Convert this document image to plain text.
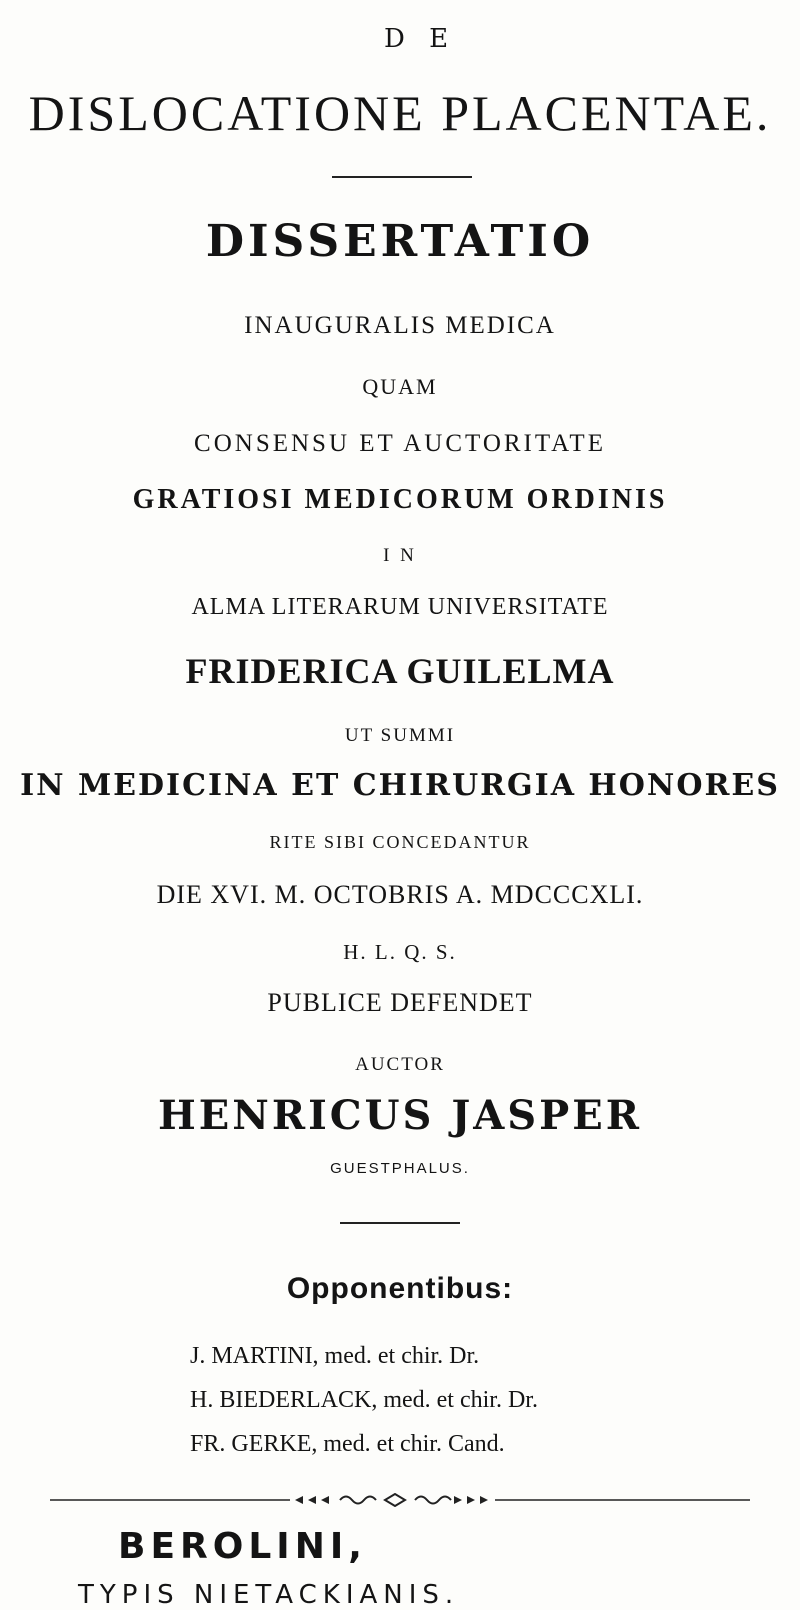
D E
DISLOCATIONE PLACENTAE.
DISSERTATIO
INAUGURALIS MEDICA
QUAM
CONSENSU ET AUCTORITATE
GRATIOSI MEDICORUM ORDINIS
I N
ALMA LITERARUM UNIVERSITATE
FRIDERICA GUILELMA
UT SUMMI
IN MEDICINA ET CHIRURGIA HONORES
RITE SIBI CONCEDANTUR
DIE XVI. M. OCTOBRIS A. MDCCCXLI.
H. L. Q. S.
PUBLICE DEFENDET
AUCTOR
HENRICUS JASPER
GUESTPHALUS.
Opponentibus:
J. MARTINI, med. et chir. Dr.
H. BIEDERLACK, med. et chir. Dr.
FR. GERKE, med. et chir. Cand.
BEROLINI,
TYPIS NIETACKIANIS.
